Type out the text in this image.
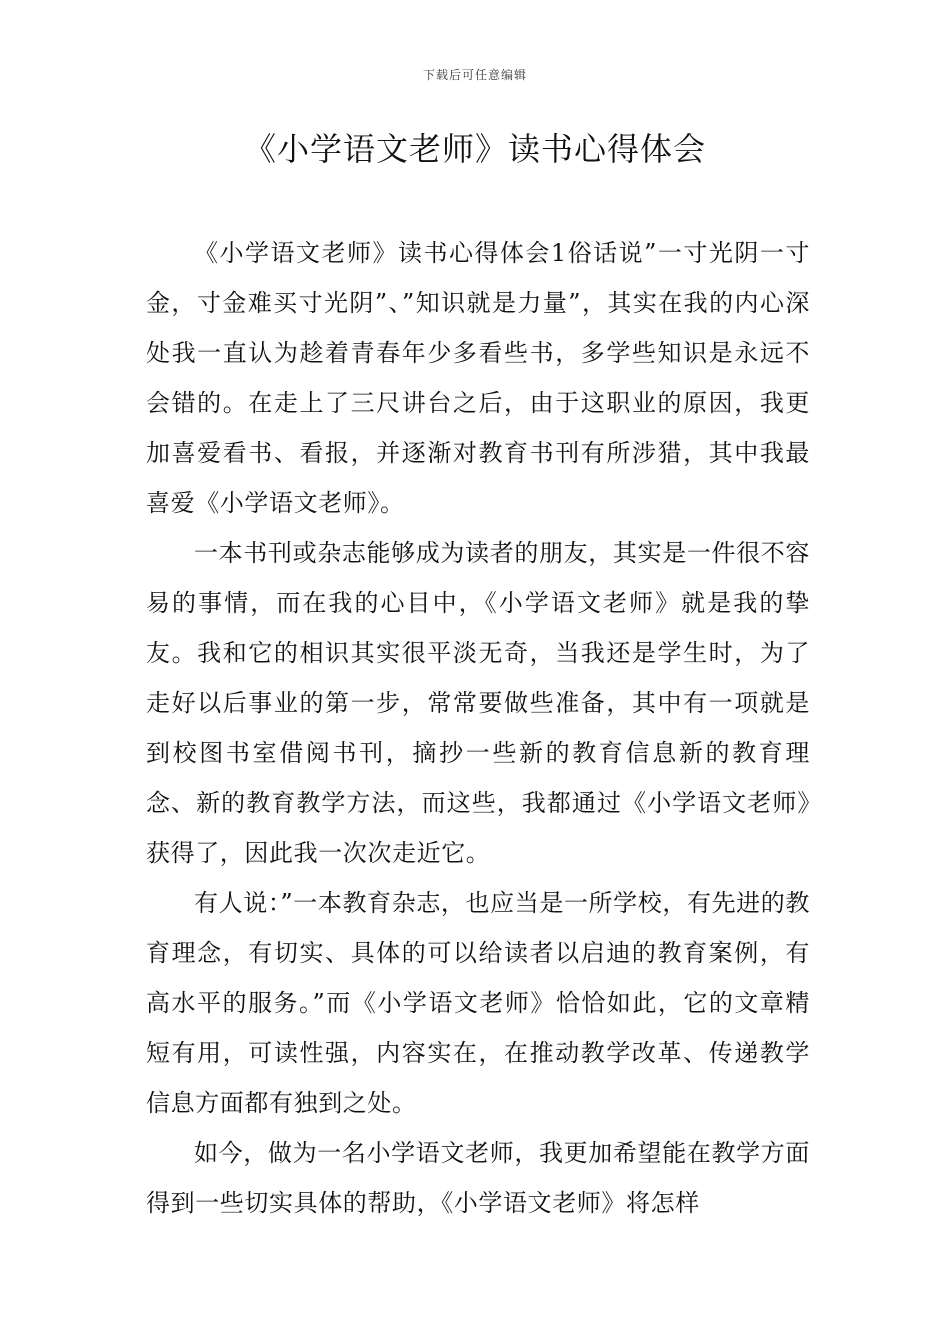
下载后可任意编辑
《小学语文老师》读书心得体会

《小学语文老师》读书心得体会1俗话说”一寸光阴一寸金，寸金难买寸光阴”、”知识就是力量”，其实在我的内心深处我一直认为趁着青春年少多看些书，多学些知识是永远不会错的。在走上了三尺讲台之后，由于这职业的原因，我更加喜爱看书、看报，并逐渐对教育书刊有所涉猎，其中我最喜爱《小学语文老师》。

一本书刊或杂志能够成为读者的朋友，其实是一件很不容易的事情，而在我的心目中，《小学语文老师》就是我的挚友。我和它的相识其实很平淡无奇，当我还是学生时，为了走好以后事业的第一步，常常要做些准备，其中有一项就是到校图书室借阅书刊，摘抄一些新的教育信息新的教育理念、新的教育教学方法，而这些，我都通过《小学语文老师》获得了，因此我一次次走近它。

有人说：”一本教育杂志，也应当是一所学校，有先进的教育理念，有切实、具体的可以给读者以启迪的教育案例，有高水平的服务。”而《小学语文老师》恰恰如此，它的文章精短有用，可读性强，内容实在，在推动教学改革、传递教学信息方面都有独到之处。

如今，做为一名小学语文老师，我更加希望能在教学方面得到一些切实具体的帮助，《小学语文老师》将怎样
